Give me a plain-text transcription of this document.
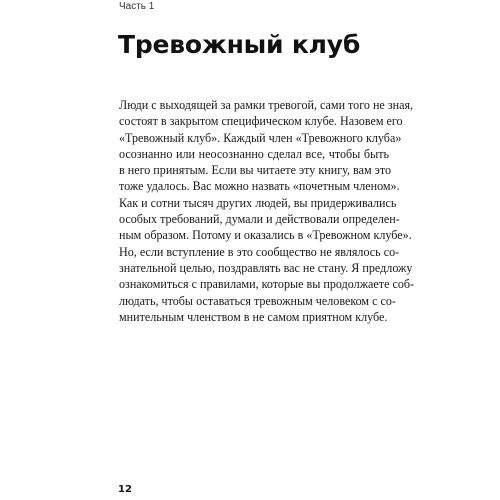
Часть 1
Тревожный клуб
Люди с выходящей за рамки тревогой, сами того не зная,
состоят в закрытом специфическом клубе. Назовем его
«Тревожный клуб». Каждый член «Тревожного клуба»
осознанно или неосознанно сделал все, чтобы быть
в него принятым. Если вы читаете эту книгу, вам это
тоже удалось. Вас можно назвать «почетным членом».
Как и сотни тысяч других людей, вы придерживались
особых требований, думали и действовали определен-
ным образом. Потому и оказались в «Тревожном клубе».
Но, если вступление в это сообщество не являлось со-
знательной целью, поздравлять вас не стану. Я предложу
ознакомиться с правилами, которые вы продолжаете соб-
людать, чтобы оставаться тревожным человеком с со-
мнительным членством в не самом приятном клубе.
12
